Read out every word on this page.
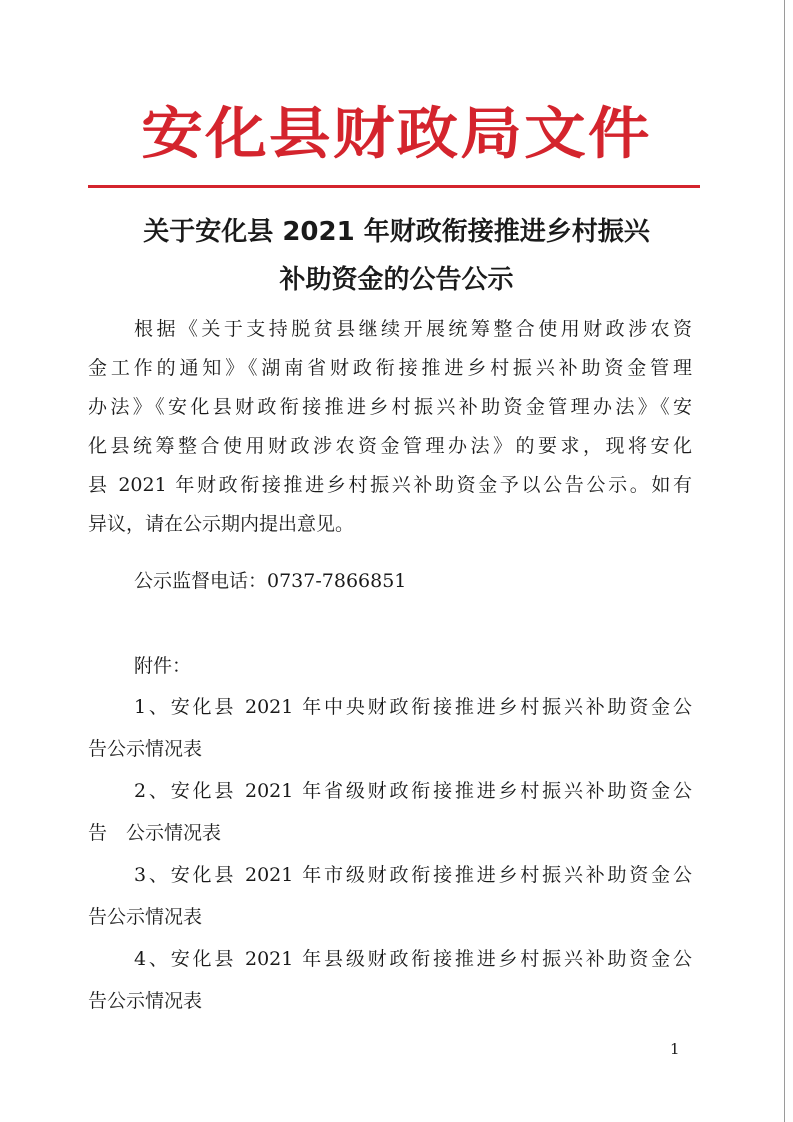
安化县财政局文件
关于安化县 2021 年财政衔接推进乡村振兴
补助资金的公告公示
根据《关于支持脱贫县继续开展统筹整合使用财政涉农资
金工作的通知》《湖南省财政衔接推进乡村振兴补助资金管理
办法》《安化县财政衔接推进乡村振兴补助资金管理办法》《安
化县统筹整合使用财政涉农资金管理办法》的要求，现将安化
县 2021 年财政衔接推进乡村振兴补助资金予以公告公示。如有
异议，请在公示期内提出意见。
公示监督电话：0737-7866851
附件：
1、安化县 2021 年中央财政衔接推进乡村振兴补助资金公
告公示情况表
2、安化县 2021 年省级财政衔接推进乡村振兴补助资金公
告　公示情况表
3、安化县 2021 年市级财政衔接推进乡村振兴补助资金公
告公示情况表
4、安化县 2021 年县级财政衔接推进乡村振兴补助资金公
告公示情况表
1
